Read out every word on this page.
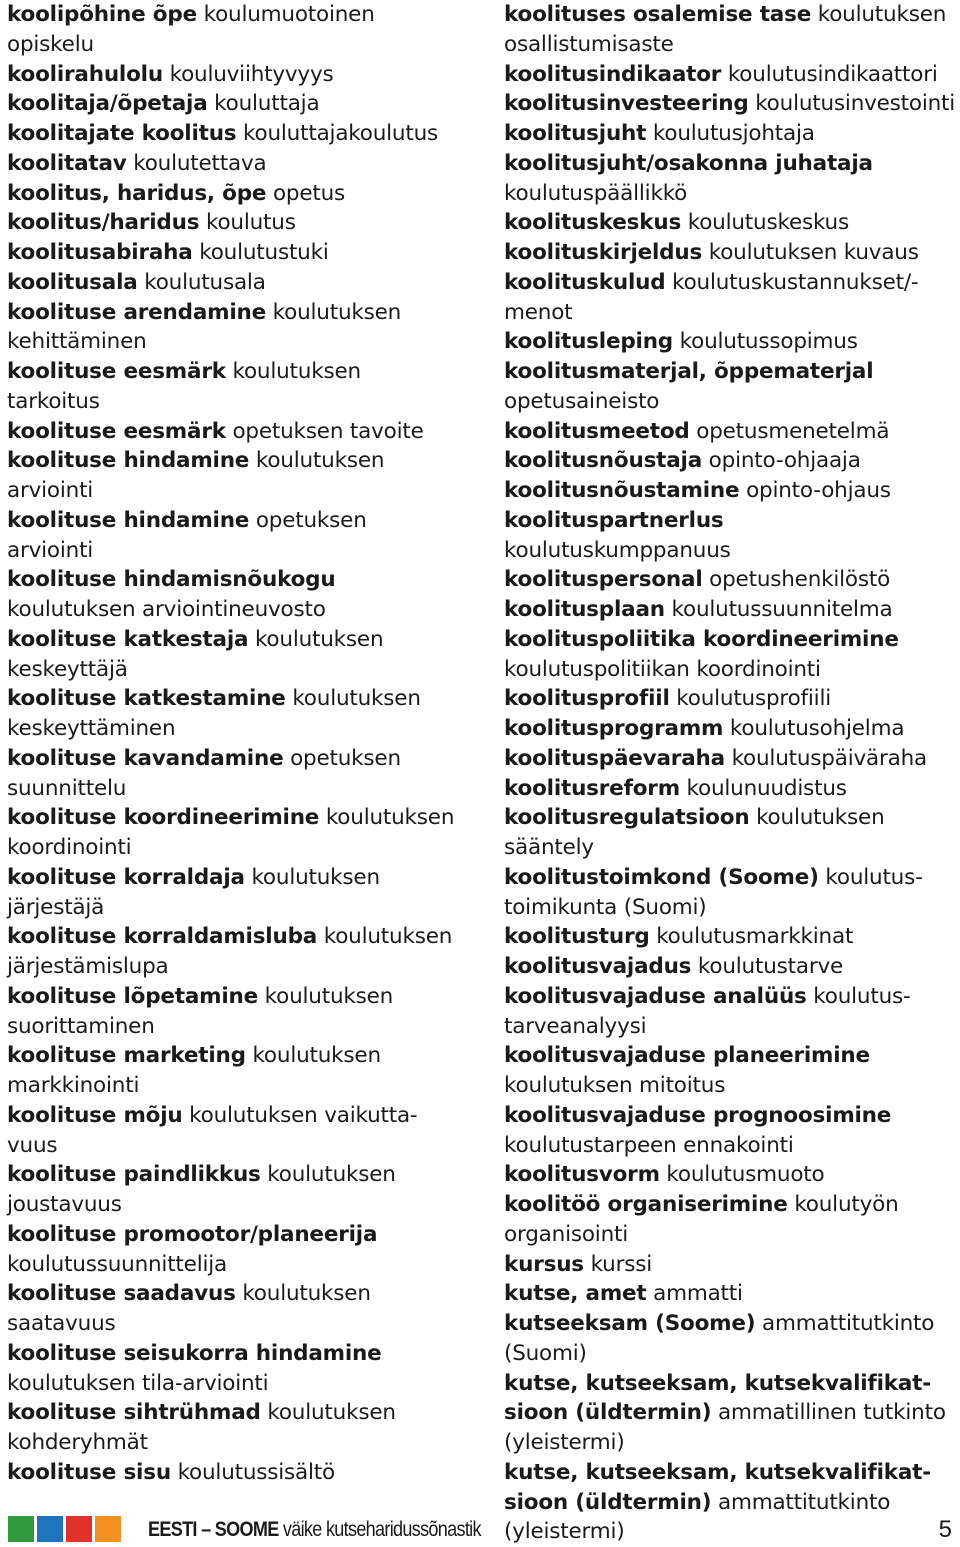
koolipõhine õpe koulumuotoinen
opiskelu
koolirahulolu kouluviihtyvyys
koolitaja/õpetaja kouluttaja
koolitajate koolitus kouluttajakoulutus
koolitatav koulutettava
koolitus, haridus, õpe opetus
koolitus/haridus koulutus
koolitusabiraha koulutustuki
koolitusala koulutusala
koolituse arendamine koulutuksen
kehittäminen
koolituse eesmärk koulutuksen
tarkoitus
koolituse eesmärk opetuksen tavoite
koolituse hindamine koulutuksen
arviointi
koolituse hindamine opetuksen
arviointi
koolituse hindamisnõukogu
koulutuksen arviointineuvosto
koolituse katkestaja koulutuksen
keskeyttäjä
koolituse katkestamine koulutuksen
keskeyttäminen
koolituse kavandamine opetuksen
suunnittelu
koolituse koordineerimine koulutuksen
koordinointi
koolituse korraldaja koulutuksen
järjestäjä
koolituse korraldamisluba koulutuksen
järjestämislupa
koolituse lõpetamine koulutuksen
suorittaminen
koolituse marketing koulutuksen
markkinointi
koolituse mõju koulutuksen vaikutta-
vuus
koolituse paindlikkus koulutuksen
joustavuus
koolituse promootor/planeerija
koulutussuunnittelija
koolituse saadavus koulutuksen
saatavuus
koolituse seisukorra hindamine
koulutuksen tila-arviointi
koolituse sihtrühmad koulutuksen
kohderyhmät
koolituse sisu koulutussisältö
koolituses osalemise tase koulutuksen
osallistumisaste
koolitusindikaator koulutusindikaattori
koolitusinvesteering koulutusinvestointi
koolitusjuht koulutusjohtaja
koolitusjuht/osakonna juhataja
koulutuspäällikkö
koolituskeskus koulutuskeskus
koolituskirjeldus koulutuksen kuvaus
koolituskulud koulutuskustannukset/-
menot
koolitusleping koulutussopimus
koolitusmaterjal, õppematerjal
opetusaineisto
koolitusmeetod opetusmenetelmä
koolitusnõustaja opinto-ohjaaja
koolitusnõustamine opinto-ohjaus
koolituspartnerlus koulutuskumppanuus
koolituspersonal opetushenkilöstö
koolitusplaan koulutussuunnitelma
koolituspoliitika koordineerimine
koulutuspolitiikan koordinointi
koolitusprofiil koulutusprofiili
koolitusprogramm koulutusohjelma
koolituspäevaraha koulutuspäiväraha
koolitusreform koulunuudistus
koolitusregulatsioon koulutuksen sääntely
koolitustoimkond (Soome) koulutus-
toimikunta (Suomi)
koolitusturg koulutusmarkkinat
koolitusvajadus koulutustarve
koolitusvajaduse analüüs koulutus-
tarveanalyysi
koolitusvajaduse planeerimine
koulutuksen mitoitus
koolitusvajaduse prognoosimine
koulutustarpeen ennakointi
koolitusvorm koulutusmuoto
koolitöö organiserimine koulutyön
organisointi
kursus kurssi
kutse, amet ammatti
kutseeksam (Soome) ammattitutkinto
(Suomi)
kutse, kutseeksam, kutsekvalifikat-
sioon (üldtermin) ammatillinen tutkinto
(yleistermi)
kutse, kutseeksam, kutsekvalifikat-
sioon (üldtermin) ammattitutkinto
(yleistermi)
EESTI – SOOME väike kutseharidussõnastik	5
